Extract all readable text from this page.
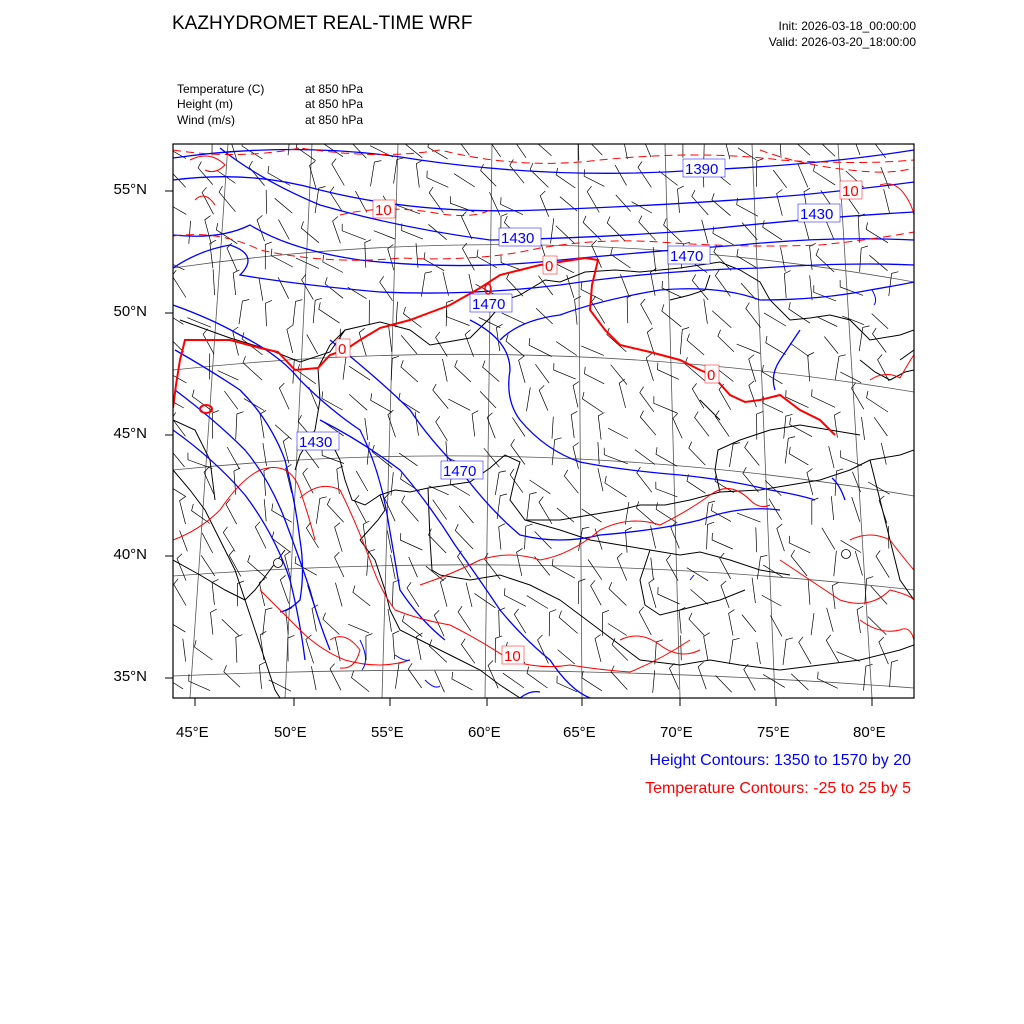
KAZHYDROMET REAL-TIME WRF	Init: 2026-03-18_00:00:00
Valid: 2026-03-20_18:00:00
Temperature (C)	at 850 hPa
Height (m)	at 850 hPa
Wind (m/s)	at 850 hPa
1390
1430
1430
1470
1470
1430
1470
10
10
0
0
0
10
55°N
50°N
45°N
40°N
35°N
45°E	50°E	55°E	60°E	65°E	70°E	75°E	80°E
Height Contours: 1350 to 1570 by 20
Temperature Contours: -25 to 25 by 5
